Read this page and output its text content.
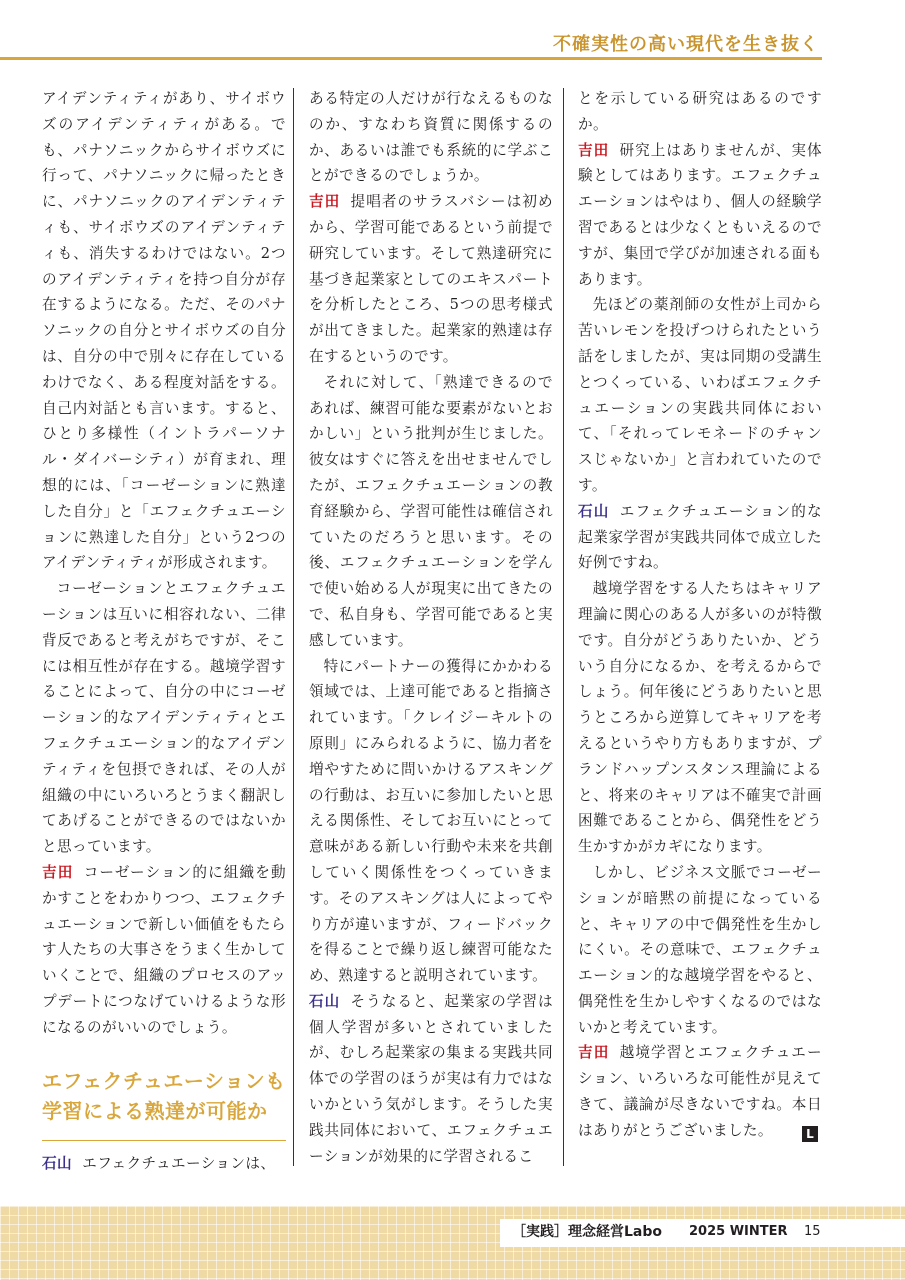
不確実性の高い現代を生き抜く

アイデンティティがあり、サイボウズのアイデンティティがある。でも、パナソニックからサイボウズに行って、パナソニックに帰ったときに、パナソニックのアイデンティティも、サイボウズのアイデンティティも、消失するわけではない。2つのアイデンティティを持つ自分が存在するようになる。ただ、そのパナソニックの自分とサイボウズの自分は、自分の中で別々に存在しているわけでなく、ある程度対話をする。自己内対話とも言います。すると、ひとり多様性（イントラパーソナル・ダイバーシティ）が育まれ、理想的には、「コーゼーションに熟達した自分」と「エフェクチュエーションに熟達した自分」という2つのアイデンティティが形成されます。

コーゼーションとエフェクチュエーションは互いに相容れない、二律背反であると考えがちですが、そこには相互性が存在する。越境学習することによって、自分の中にコーゼーション的なアイデンティティとエフェクチュエーション的なアイデンティティを包摂できれば、その人が組織の中にいろいろとうまく翻訳してあげることができるのではないかと思っています。

吉田 コーゼーション的に組織を動かすことをわかりつつ、エフェクチュエーションで新しい価値をもたらす人たちの大事さをうまく生かしていくことで、組織のプロセスのアップデートにつなげていけるような形になるのがいいのでしょう。

エフェクチュエーションも学習による熟達が可能か

石山 エフェクチュエーションは、

ある特定の人だけが行なえるものなのか、すなわち資質に関係するのか、あるいは誰でも系統的に学ぶことができるのでしょうか。

吉田 提唱者のサラスバシーは初めから、学習可能であるという前提で研究しています。そして熟達研究に基づき起業家としてのエキスパートを分析したところ、5つの思考様式が出てきました。起業家的熟達は存在するというのです。

それに対して、「熟達できるのであれば、練習可能な要素がないとおかしい」という批判が生じました。彼女はすぐに答えを出せませんでしたが、エフェクチュエーションの教育経験から、学習可能性は確信されていたのだろうと思います。その後、エフェクチュエーションを学んで使い始める人が現実に出てきたので、私自身も、学習可能であると実感しています。

特にパートナーの獲得にかかわる領域では、上達可能であると指摘されています。「クレイジーキルトの原則」にみられるように、協力者を増やすために問いかけるアスキングの行動は、お互いに参加したいと思える関係性、そしてお互いにとって意味がある新しい行動や未来を共創していく関係性をつくっていきます。そのアスキングは人によってやり方が違いますが、フィードバックを得ることで繰り返し練習可能なため、熟達すると説明されています。

石山 そうなると、起業家の学習は個人学習が多いとされていましたが、むしろ起業家の集まる実践共同体での学習のほうが実は有力ではないかという気がします。そうした実践共同体において、エフェクチュエーションが効果的に学習されるこ

とを示している研究はあるのですか。

吉田 研究上はありませんが、実体験としてはあります。エフェクチュエーションはやはり、個人の経験学習であるとは少なくともいえるのですが、集団で学びが加速される面もあります。

先ほどの薬剤師の女性が上司から苦いレモンを投げつけられたという話をしましたが、実は同期の受講生とつくっている、いわばエフェクチュエーションの実践共同体において、「それってレモネードのチャンスじゃないか」と言われていたのです。

石山 エフェクチュエーション的な起業家学習が実践共同体で成立した好例ですね。

越境学習をする人たちはキャリア理論に関心のある人が多いのが特徴です。自分がどうありたいか、どういう自分になるか、を考えるからでしょう。何年後にどうありたいと思うところから逆算してキャリアを考えるというやり方もありますが、プランドハップンスタンス理論によると、将来のキャリアは不確実で計画困難であることから、偶発性をどう生かすかがカギになります。

しかし、ビジネス文脈でコーゼーションが暗黙の前提になっていると、キャリアの中で偶発性を生かしにくい。その意味で、エフェクチュエーション的な越境学習をやると、偶発性を生かしやすくなるのではないかと考えています。

吉田 越境学習とエフェクチュエーション、いろいろな可能性が見えてきて、議論が尽きないですね。本日はありがとうございました。	L
［実践］理念経営Labo 2025 WINTER 15
